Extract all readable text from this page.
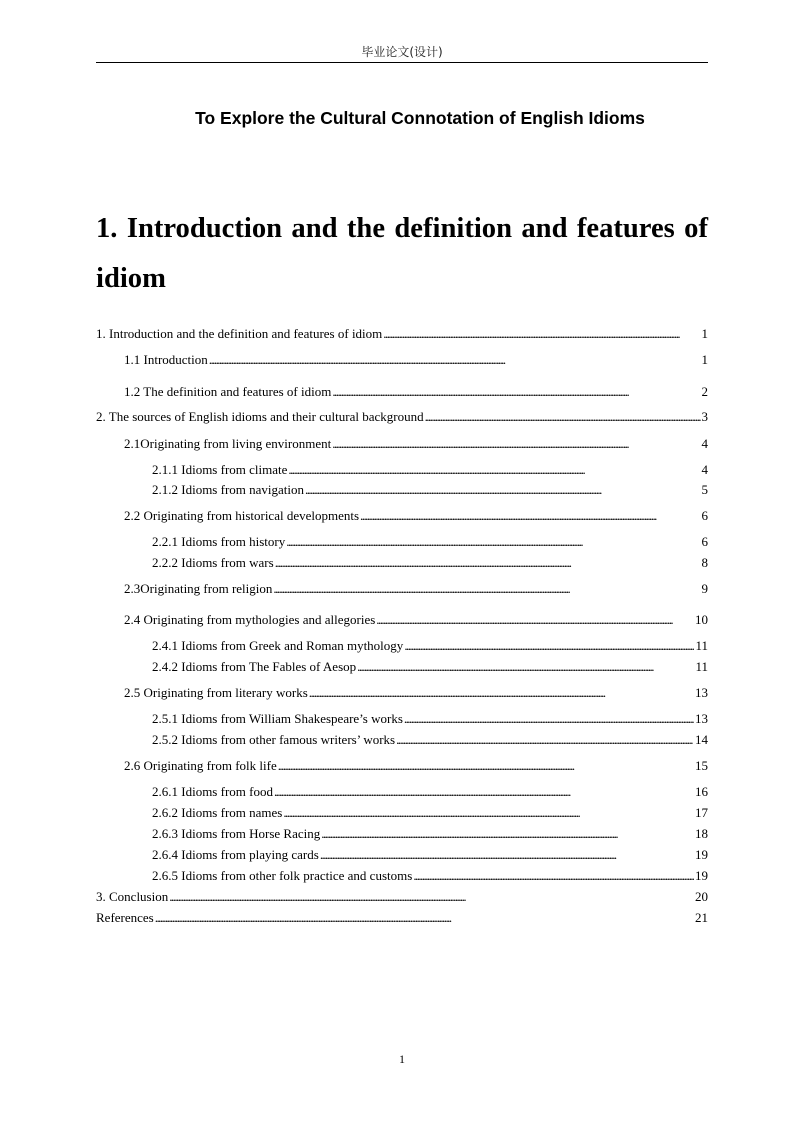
毕业论文(设计)
To Explore the Cultural Connotation of English Idioms
1. Introduction and the definition and features of idiom
1. Introduction and the definition and features of idiom . . .	1
1.1 Introduction . . .	1
1.2 The definition and features of idiom . . .	2
2. The sources of English idioms and their cultural background . . .	3
2.1Originating from living environment . . .	4
2.1.1 Idioms from climate . . .	4
2.1.2 Idioms from navigation . . .	5
2.2 Originating from historical developments . . .	6
2.2.1 Idioms from history . . .	6
2.2.2 Idioms from wars . . .	8
2.3Originating from religion . . .	9
2.4 Originating from mythologies and allegories . . .	10
2.4.1 Idioms from Greek and Roman mythology . . .	11
2.4.2 Idioms from The Fables of Aesop . . .	11
2.5 Originating from literary works . . .	13
2.5.1 Idioms from William Shakespeare’s works . . .	13
2.5.2 Idioms from other famous writers’ works . . .	14
2.6 Originating from folk life . . .	15
2.6.1 Idioms from food . . .	16
2.6.2 Idioms from names . . .	17
2.6.3 Idioms from Horse Racing . . .	18
2.6.4 Idioms from playing cards . . .	19
2.6.5 Idioms from other folk practice and customs . . .	19
3. Conclusion . . .	20
References . . .	21
1
